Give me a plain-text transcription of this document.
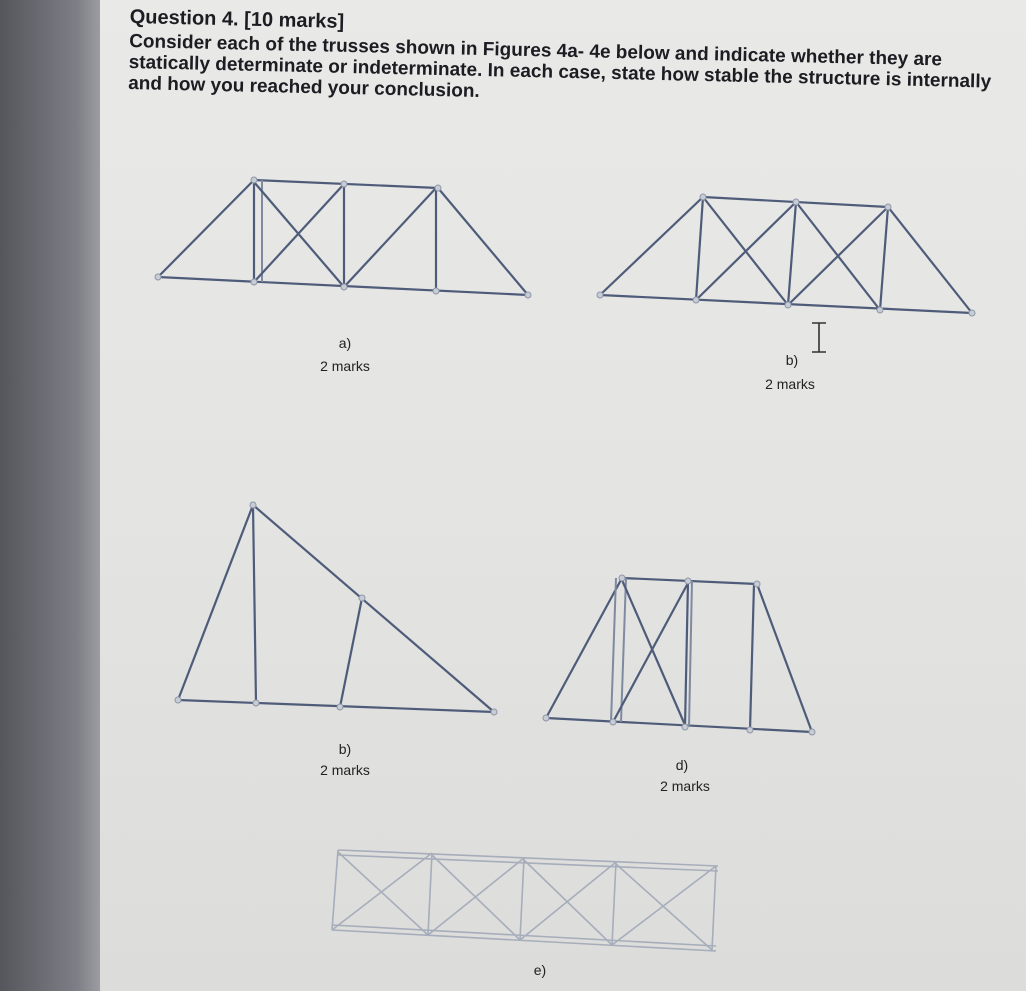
Question 4. [10 marks]

Consider each of the trusses shown in Figures 4a- 4e below and indicate whether they are statically determinate or indeterminate. In each case, state how stable the structure is internally and how you reached your conclusion.

a)
2 marks	b)
2 marks
b)
2 marks	d)
2 marks
e)
